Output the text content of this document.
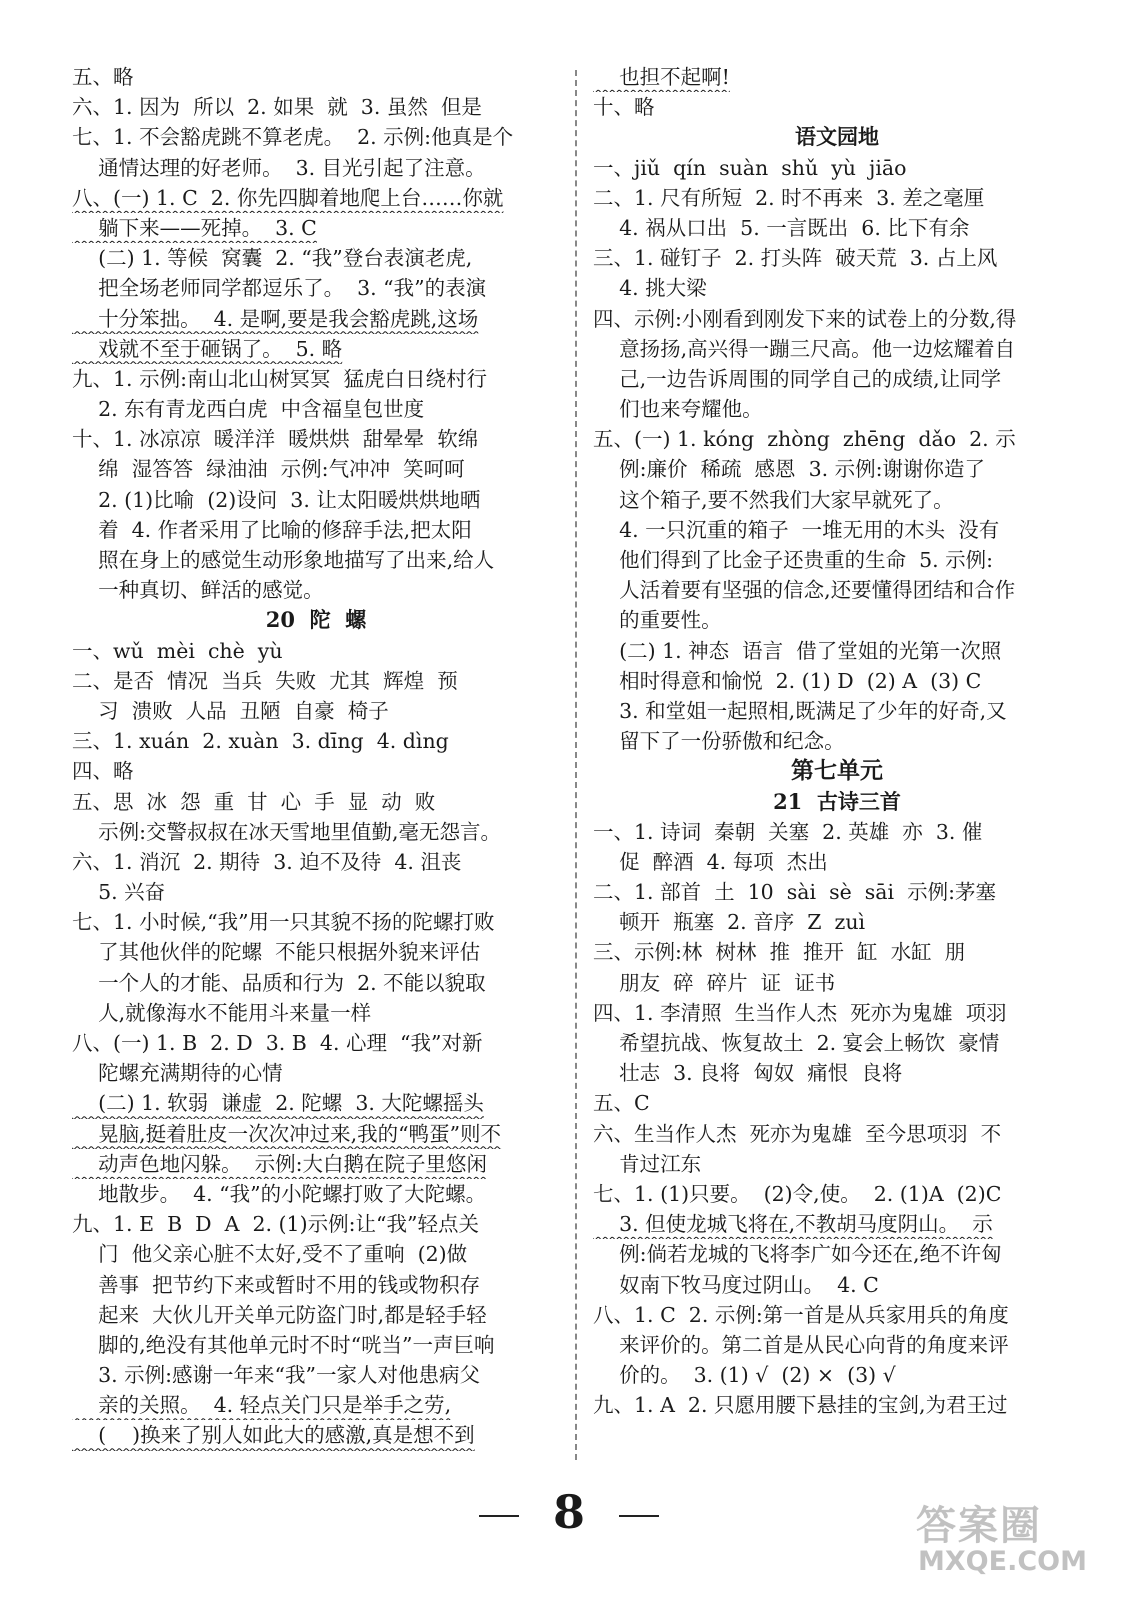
五、略
六、1. 因为  所以  2. 如果  就  3. 虽然  但是
七、1. 不会豁虎跳不算老虎。  2. 示例:他真是个
通情达理的好老师。  3. 目光引起了注意。
八、(一) 1. C  2. 你先四脚着地爬上台……你就
躺下来——死掉。  3. C
(二) 1. 等候  窝囊  2. “我”登台表演老虎,
把全场老师同学都逗乐了。  3. “我”的表演
十分笨拙。  4. 是啊,要是我会豁虎跳,这场
戏就不至于砸锅了。  5. 略
九、1. 示例:南山北山树冥冥  猛虎白日绕村行
2. 东有青龙西白虎  中含福皇包世度
十、1. 冰凉凉  暖洋洋  暖烘烘  甜晕晕  软绵
绵  湿答答  绿油油  示例:气冲冲  笑呵呵
2. (1)比喻  (2)设问  3. 让太阳暖烘烘地晒
着  4. 作者采用了比喻的修辞手法,把太阳
照在身上的感觉生动形象地描写了出来,给人
一种真切、鲜活的感觉。
20  陀  螺
一、wǔ  mèi  chè  yù
二、是否  情况  当兵  失败  尤其  辉煌  预
习  溃败  人品  丑陋  自豪  椅子
三、1. xuán  2. xuàn  3. dīng  4. dìng
四、略
五、思  冰  怨  重  甘  心  手  显  动  败
示例:交警叔叔在冰天雪地里值勤,毫无怨言。
六、1. 消沉  2. 期待  3. 迫不及待  4. 沮丧
5. 兴奋
七、1. 小时候,“我”用一只其貌不扬的陀螺打败
了其他伙伴的陀螺  不能只根据外貌来评估
一个人的才能、品质和行为  2. 不能以貌取
人,就像海水不能用斗来量一样
八、(一) 1. B  2. D  3. B  4. 心理  “我”对新
陀螺充满期待的心情
(二) 1. 软弱  谦虚  2. 陀螺  3. 大陀螺摇头
晃脑,挺着肚皮一次次冲过来,我的“鸭蛋”则不
动声色地闪躲。  示例:大白鹅在院子里悠闲
地散步。  4. “我”的小陀螺打败了大陀螺。
九、1. E  B  D  A  2. (1)示例:让“我”轻点关
门  他父亲心脏不太好,受不了重响  (2)做
善事  把节约下来或暂时不用的钱或物积存
起来  大伙儿开关单元防盗门时,都是轻手轻
脚的,绝没有其他单元时不时“咣当”一声巨响
3. 示例:感谢一年来“我”一家人对他患病父
亲的关照。  4. 轻点关门只是举手之劳,
(    )换来了别人如此大的感激,真是想不到
也担不起啊!
十、略
语文园地
一、jiǔ  qín  suàn  shǔ  yù  jiāo
二、1. 尺有所短  2. 时不再来  3. 差之毫厘
4. 祸从口出  5. 一言既出  6. 比下有余
三、1. 碰钉子  2. 打头阵  破天荒  3. 占上风
4. 挑大梁
四、示例:小刚看到刚发下来的试卷上的分数,得
意扬扬,高兴得一蹦三尺高。他一边炫耀着自
己,一边告诉周围的同学自己的成绩,让同学
们也来夸耀他。
五、(一) 1. kóng  zhòng  zhēng  dǎo  2. 示
例:廉价  稀疏  感恩  3. 示例:谢谢你造了
这个箱子,要不然我们大家早就死了。
4. 一只沉重的箱子  一堆无用的木头  没有
他们得到了比金子还贵重的生命  5. 示例:
人活着要有坚强的信念,还要懂得团结和合作
的重要性。
(二) 1. 神态  语言  借了堂姐的光第一次照
相时得意和愉悦  2. (1) D  (2) A  (3) C
3. 和堂姐一起照相,既满足了少年的好奇,又
留下了一份骄傲和纪念。
第七单元
21  古诗三首
一、1. 诗词  秦朝  关塞  2. 英雄  亦  3. 催
促  醉酒  4. 每项  杰出
二、1. 部首  土  10  sài  sè  sāi  示例:茅塞
顿开  瓶塞  2. 音序  Z  zuì
三、示例:林  树林  推  推开  缸  水缸  朋
朋友  碎  碎片  证  证书
四、1. 李清照  生当作人杰  死亦为鬼雄  项羽
希望抗战、恢复故土  2. 宴会上畅饮  豪情
壮志  3. 良将  匈奴  痛恨  良将
五、C
六、生当作人杰  死亦为鬼雄  至今思项羽  不
肯过江东
七、1. (1)只要。  (2)令,使。  2. (1)A  (2)C
3. 但使龙城飞将在,不教胡马度阴山。  示
例:倘若龙城的飞将李广如今还在,绝不许匈
奴南下牧马度过阴山。  4. C
八、1. C  2. 示例:第一首是从兵家用兵的角度
来评价的。第二首是从民心向背的角度来评
价的。  3. (1) √  (2) ×  (3) √
九、1. A  2. 只愿用腰下悬挂的宝剑,为君王过
8	答案圈
MXQE.COM
